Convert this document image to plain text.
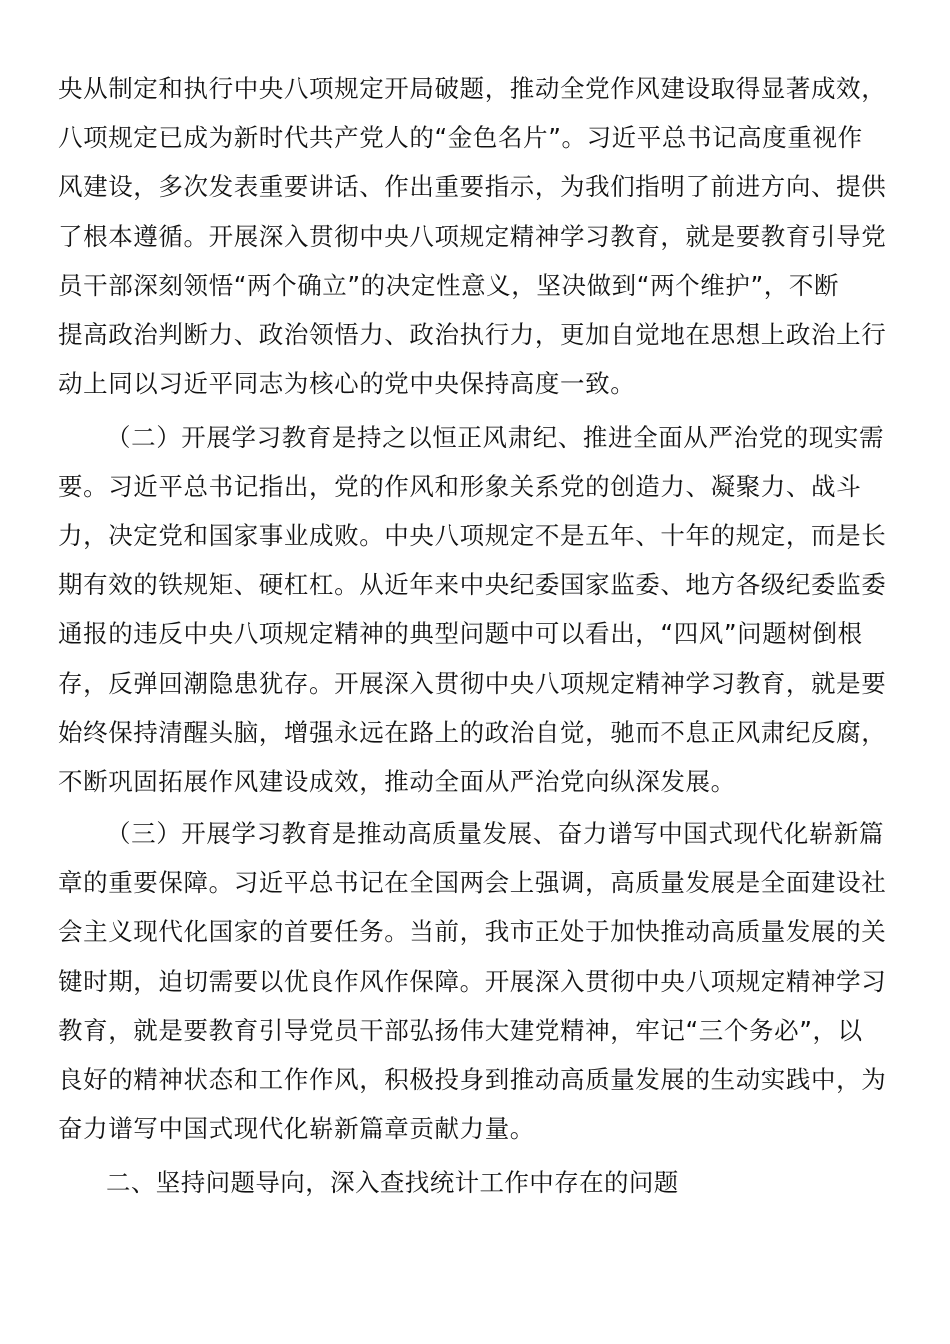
央从制定和执行中央八项规定开局破题，推动全党作风建设取得显著成效，
八项规定已成为新时代共产党人的“金色名片”。习近平总书记高度重视作
风建设，多次发表重要讲话、作出重要指示，为我们指明了前进方向、提供
了根本遵循。开展深入贯彻中央八项规定精神学习教育，就是要教育引导党
员干部深刻领悟“两个确立”的决定性意义，坚决做到“两个维护”，不断
提高政治判断力、政治领悟力、政治执行力，更加自觉地在思想上政治上行
动上同以习近平同志为核心的党中央保持高度一致。
（二）开展学习教育是持之以恒正风肃纪、推进全面从严治党的现实需
要。习近平总书记指出，党的作风和形象关系党的创造力、凝聚力、战斗
力，决定党和国家事业成败。中央八项规定不是五年、十年的规定，而是长
期有效的铁规矩、硬杠杠。从近年来中央纪委国家监委、地方各级纪委监委
通报的违反中央八项规定精神的典型问题中可以看出，“四风”问题树倒根
存，反弹回潮隐患犹存。开展深入贯彻中央八项规定精神学习教育，就是要
始终保持清醒头脑，增强永远在路上的政治自觉，驰而不息正风肃纪反腐，
不断巩固拓展作风建设成效，推动全面从严治党向纵深发展。
（三）开展学习教育是推动高质量发展、奋力谱写中国式现代化崭新篇
章的重要保障。习近平总书记在全国两会上强调，高质量发展是全面建设社
会主义现代化国家的首要任务。当前，我市正处于加快推动高质量发展的关
键时期，迫切需要以优良作风作保障。开展深入贯彻中央八项规定精神学习
教育，就是要教育引导党员干部弘扬伟大建党精神，牢记“三个务必”，以
良好的精神状态和工作作风，积极投身到推动高质量发展的生动实践中，为
奋力谱写中国式现代化崭新篇章贡献力量。
二、坚持问题导向，深入查找统计工作中存在的问题
